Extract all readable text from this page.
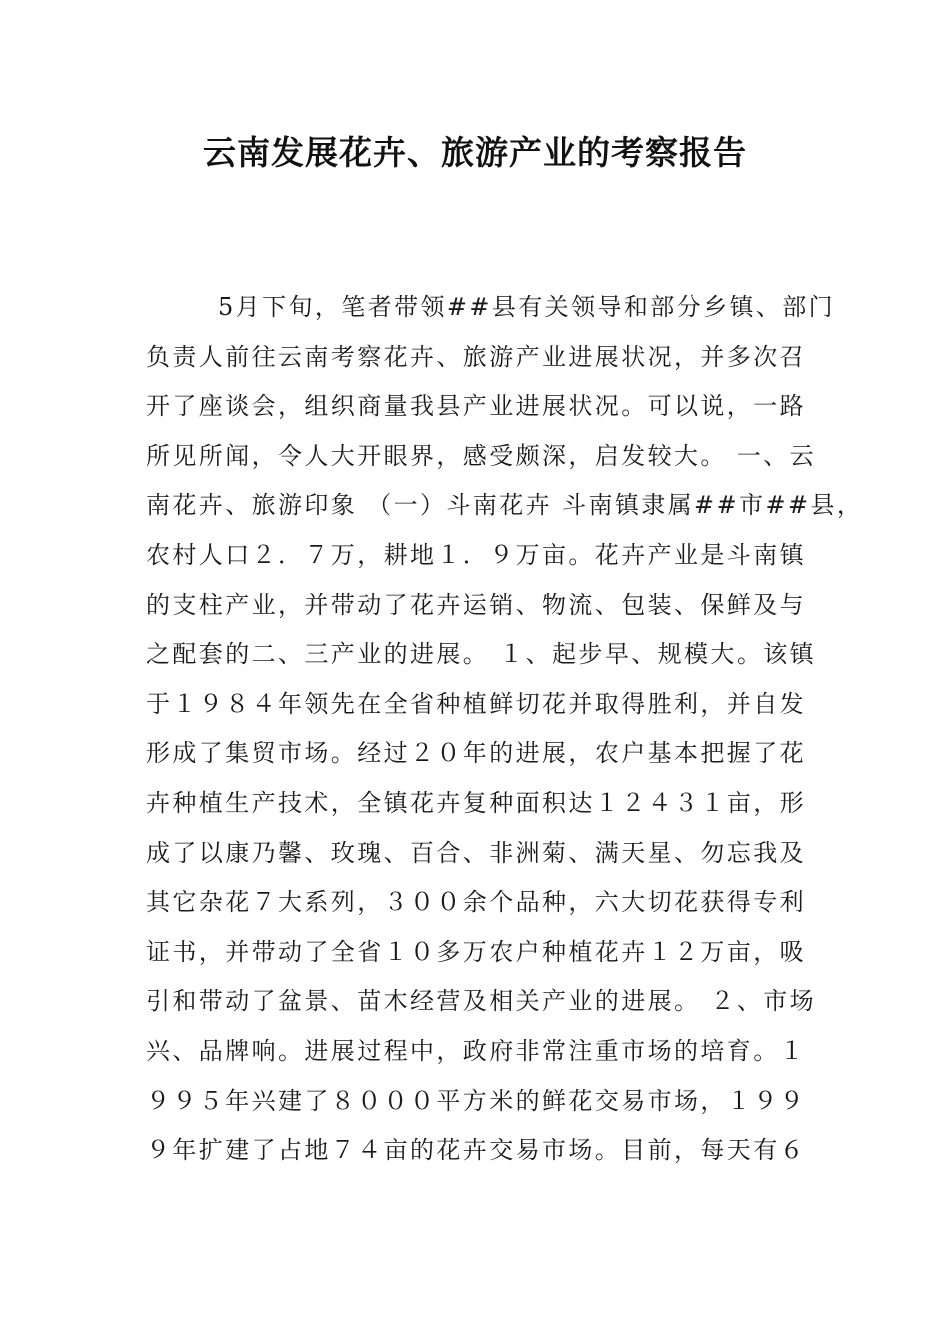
云南发展花卉、旅游产业的考察报告
5月下旬，笔者带领##县有关领导和部分乡镇、部门
负责人前往云南考察花卉、旅游产业进展状况，并多次召
开了座谈会，组织商量我县产业进展状况。可以说，一路
所见所闻，令人大开眼界，感受颇深，启发较大。 一、云
南花卉、旅游印象 （一）斗南花卉 斗南镇隶属##市##县，
农村人口２．７万，耕地１．９万亩。花卉产业是斗南镇
的支柱产业，并带动了花卉运销、物流、包装、保鲜及与
之配套的二、三产业的进展。 １、起步早、规模大。该镇
于１９８４年领先在全省种植鲜切花并取得胜利，并自发
形成了集贸市场。经过２０年的进展，农户基本把握了花
卉种植生产技术，全镇花卉复种面积达１２４３１亩，形
成了以康乃馨、玫瑰、百合、非洲菊、满天星、勿忘我及
其它杂花７大系列，３００余个品种，六大切花获得专利
证书，并带动了全省１０多万农户种植花卉１２万亩，吸
引和带动了盆景、苗木经营及相关产业的进展。 ２、市场
兴、品牌响。进展过程中，政府非常注重市场的培育。１
９９５年兴建了８０００平方米的鲜花交易市场，１９９
９年扩建了占地７４亩的花卉交易市场。目前，每天有６
